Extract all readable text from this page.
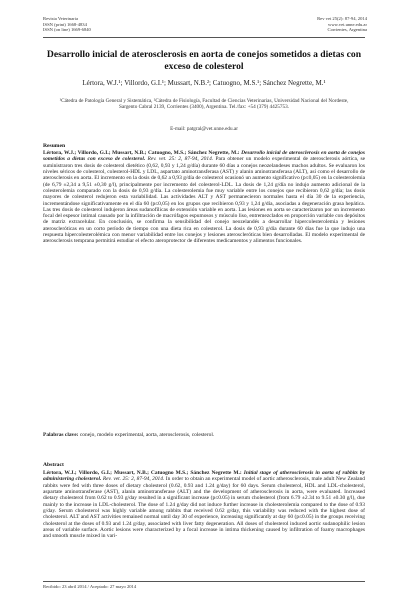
Revista Veterinaria
ISSN (print) 1668-4834
ISSN (on line) 1669-6840
Rev vet 25(2): 87-94, 2014
www.vet.unne.edu.ar
Corrientes, Argentina
Desarrollo inicial de aterosclerosis en aorta de conejos sometidos a dietas con exceso de colesterol
Lértora, W.J.¹; Villordo, G.I.¹; Mussart, N.B.²; Catuogno, M.S.¹; Sánchez Negrette, M.¹
¹Cátedra de Patología General y Sistemática, ²Cátedra de Fisiología, Facultad de Ciencias Veterinarias, Universidad Nacional del Nordeste, Sargento Cabral 2139, Corrientes (3400), Argentina. Tel./fax: +54 (379) 4425753.
E-mail: patgral@vet.unne.edu.ar
Resumen
Lértora, W.J.; Villordo, G.I.; Mussart, N.B.; Catuogno, M.S.; Sánchez Negrette, M.: Desarrollo inicial de aterosclerosis en aorta de conejos sometidos a dietas con exceso de colesterol. Rev. vet. 25: 2, 87-94, 2014. Para obtener un modelo experimental de aterosclerosis aórtica, se suministraron tres dosis de colesterol dietético (0,62, 0,93 y 1,24 g/día) durante 60 días a conejos neozelandeses machos adultos. Se evaluaron los niveles séricos de colesterol, colesterol-HDL y LDL, aspartato aminotransferasa (AST) y alanin aminotransferasa (ALT), así como el desarrollo de aterosclerosis en aorta. El incremento en la dosis de 0,62 a 0,93 g/día de colesterol ocasionó un aumento significativo (p≤0,05) en la colesterolemia (de 6,79 ±2,34 a 9,51 ±0,30 g/l), principalmente por incremento del colesterol-LDL. La dosis de 1,24 g/día no indujo aumento adicional de la colesterolemia comparado con la dosis de 0,93 g/día. La colesterolemia fue muy variable entre los conejos que recibieron 0,62 g/día; las dosis mayores de colesterol redujeron esta variabilidad. Las actividades ALT y AST permanecieron normales hasta el día 30 de la experiencia, incrementándose significativamente en el día 60 (p≤0,05) en los grupos que recibieron 0,93 y 1,24 g/día, asociadas a degeneración grasa hepática. Las tres dosis de colesterol indujeron áreas sudanofílicas de extensión variable en aorta. Las lesiones en aorta se caracterizaron por un incremento focal del espesor intimal causado por la infiltración de macrófagos espumosos y músculo liso, entremezclados en proporción variable con depósitos de matriz extracelular. En conclusión, se confirma la sensibilidad del conejo neozelandés a desarrollar hipercolesterolemia y lesiones ateroscleróticas en un corto período de tiempo con una dieta rica en colesterol. La dosis de 0,93 g/día durante 60 días fue la que indujo una respuesta hipercolesterolémica con menor variabilidad entre los conejos y lesiones ateroscleróticas bien desarrolladas. El modelo experimental de aterosclerosis temprana permitirá estudiar el efecto ateroprotector de diferentes medicamentos y alimentos funcionales.
Palabras clave: conejo, modelo experimental, aorta, aterosclerosis, colesterol.
Abstract
Lértora, W.J.; Villordo, G.I.; Mussart, N.B.; Catuogno M.S.; Sánchez Negrette M.: Initial stage of atherosclerosis in aorta of rabbits by administering cholesterol. Rev. vet. 25: 2, 87-94, 2014. In order to obtain an experimental model of aortic atherosclerosis, male adult New Zealand rabbits were fed with three doses of dietary cholesterol (0.62, 0.93 and 1.24 g/day) for 60 days. Serum cholesterol, HDL and LDL-cholesterol, aspartate aminotransferase (AST), alanin aminotransferase (ALT) and the development of atherosclerosis in aorta, were evaluated. Increased dietary cholesterol from 0.62 to 0.93 g/day resulted in a significant increase (p≤0.05) in serum cholesterol (from 6.79 ±2.34 to 9.51 ±0.30 g/l), due mainly to the increase in LDL-cholesterol. The dose of 1.24 g/day did not induce further increase in cholesterolemia compared to the dose of 0.93 g/day. Serum cholesterol was highly variable among rabbits that received 0.62 g/day, this variability was reduced with the highest dose of cholesterol. ALT and AST activities remained normal until day 30 of experience, increasing significantly at day 60 (p≤0.05) in the groups receiving cholesterol at the doses of 0.93 and 1.24 g/day, associated with liver fatty degeneration. All doses of cholesterol induced aortic sudanophilic lesion areas of variable surface. Aortic lesions were characterized by a focal increase in intima thickening caused by infiltration of foamy macrophages and smooth muscle mixed in vari-
Recibido: 23 abril 2014 / Aceptado: 27 mayo 2014
